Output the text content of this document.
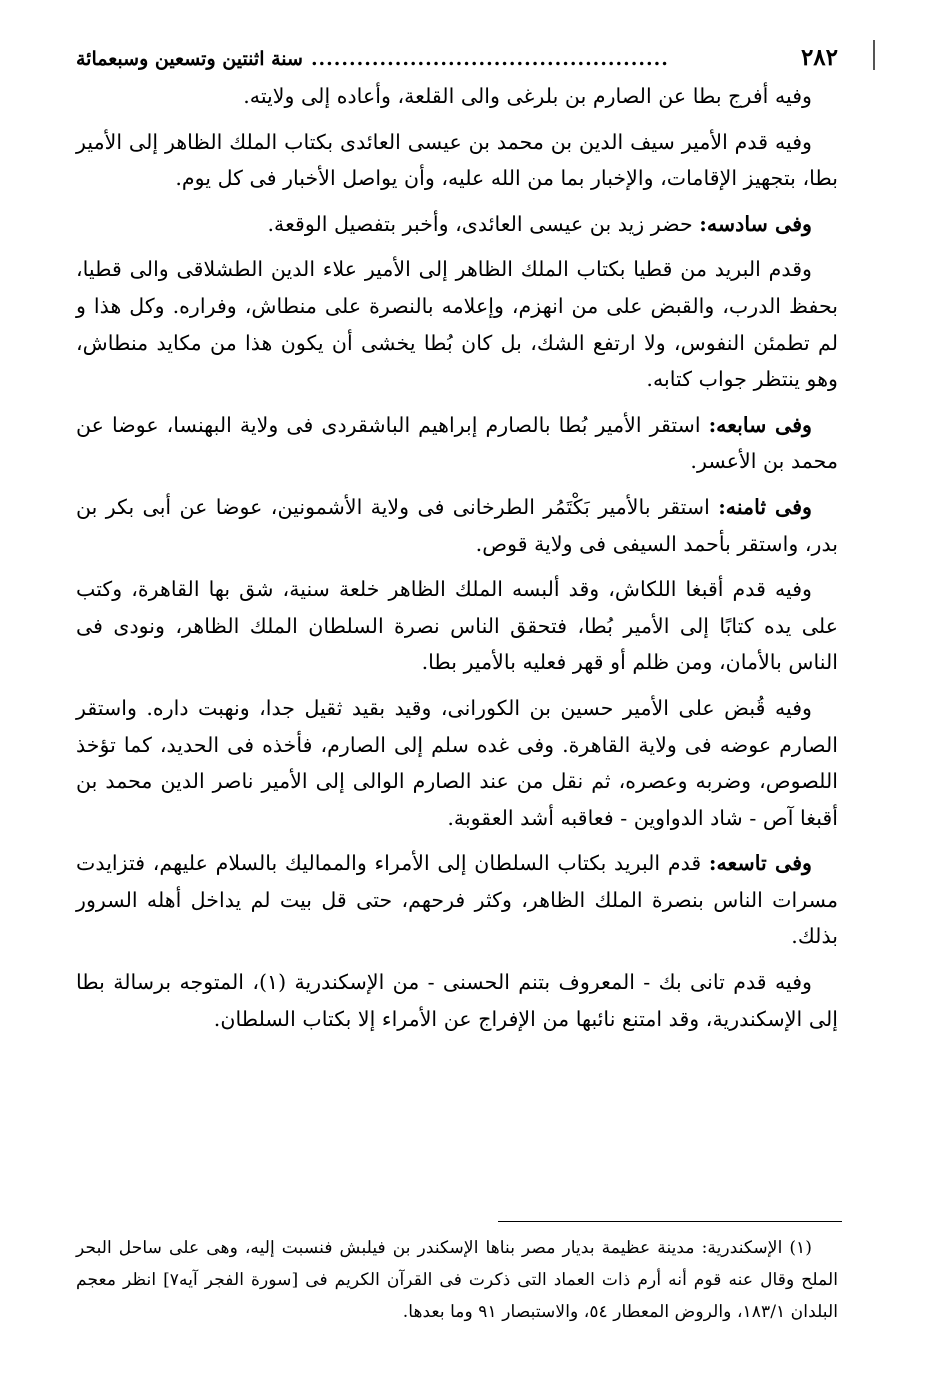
٢٨٢
...............................................
سنة اثنتين وتسعين وسبعمائة

وفيه أفرج بطا عن الصارم بن بلرغى والى القلعة، وأعاده إلى ولايته.

وفيه قدم الأمير سيف الدين بن محمد بن عيسى العائدى بكتاب الملك الظاهر إلى الأمير بطا، بتجهيز الإقامات، والإخبار بما من الله عليه، وأن يواصل الأخبار فى كل يوم.

وفى سادسه: حضر زيد بن عيسى العائدى، وأخبر بتفصيل الوقعة.

وقدم البريد من قطيا بكتاب الملك الظاهر إلى الأمير علاء الدين الطشلاقى والى قطيا، بحفظ الدرب، والقبض على من انهزم، وإعلامه بالنصرة على منطاش، وفراره. وكل هذا و لم تطمئن النفوس، ولا ارتفع الشك، بل كان بُطا يخشى أن يكون هذا من مكايد منطاش، وهو ينتظر جواب كتابه.

وفى سابعه: استقر الأمير بُطا بالصارم إبراهيم الباشقردى فى ولاية البهنسا، عوضا عن محمد بن الأعسر.

وفى ثامنه: استقر بالأمير بَكْتَمُر الطرخانى فى ولاية الأشمونين، عوضا عن أبى بكر بن بدر، واستقر بأحمد السيفى فى ولاية قوص.

وفيه قدم أقبغا اللكاش، وقد ألبسه الملك الظاهر خلعة سنية، شق بها القاهرة، وكتب على يده كتابًا إلى الأمير بُطا، فتحقق الناس نصرة السلطان الملك الظاهر، ونودى فى الناس بالأمان، ومن ظلم أو قهر فعليه بالأمير بطا.

وفيه قُبض على الأمير حسين بن الكورانى، وقيد بقيد ثقيل جدا، ونهبت داره. واستقر الصارم عوضه فى ولاية القاهرة. وفى غده سلم إلى الصارم، فأخذه فى الحديد، كما تؤخذ اللصوص، وضربه وعصره، ثم نقل من عند الصارم الوالى إلى الأمير ناصر الدين محمد بن أقبغا آص - شاد الدواوين - فعاقبه أشد العقوبة.

وفى تاسعه: قدم البريد بكتاب السلطان إلى الأمراء والمماليك بالسلام عليهم، فتزايدت مسرات الناس بنصرة الملك الظاهر، وكثر فرحهم، حتى قل بيت لم يداخل أهله السرور بذلك.

وفيه قدم تانى بك - المعروف بتنم الحسنى - من الإسكندرية (١)، المتوجه برسالة بطا إلى الإسكندرية، وقد امتنع نائبها من الإفراج عن الأمراء إلا بكتاب السلطان.

(١) الإسكندرية: مدينة عظيمة بديار مصر بناها الإسكندر بن فيلبش فنسبت إليه، وهى على ساحل البحر الملح وقال عنه قوم أنه أرم ذات العماد التى ذكرت فى القرآن الكريم فى [سورة الفجر آيه٧] انظر معجم البلدان ١٨٣/١، والروض المعطار ٥٤، والاستبصار ٩١ وما بعدها.
